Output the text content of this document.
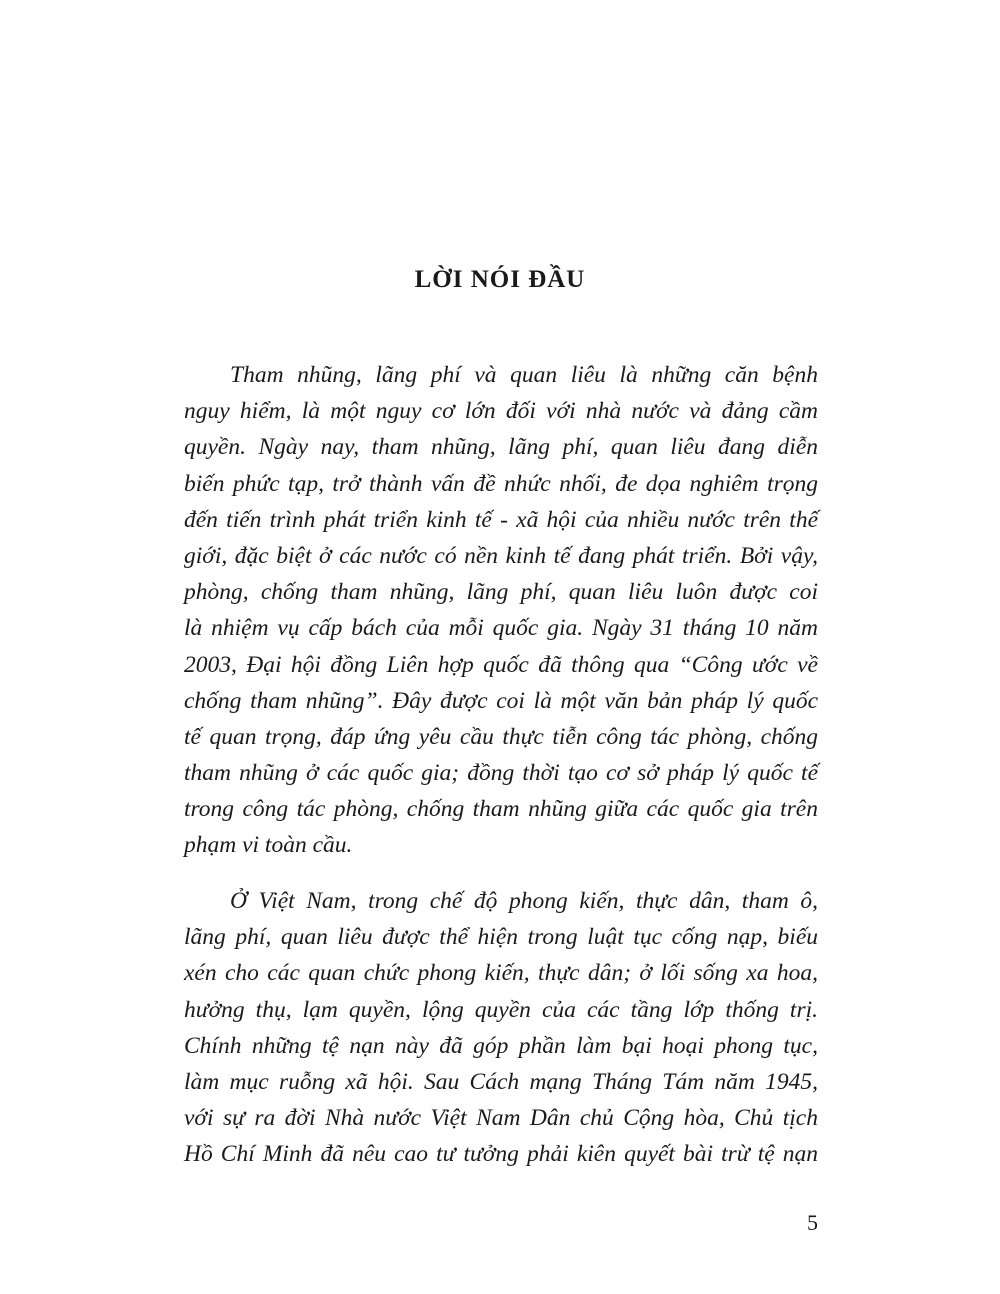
LỜI NÓI ĐẦU
Tham nhũng, lãng phí và quan liêu là những căn bệnh
nguy hiểm, là một nguy cơ lớn đối với nhà nước và đảng cầm
quyền. Ngày nay, tham nhũng, lãng phí, quan liêu đang diễn
biến phức tạp, trở thành vấn đề nhức nhối, đe dọa nghiêm trọng
đến tiến trình phát triển kinh tế - xã hội của nhiều nước trên thế
giới, đặc biệt ở các nước có nền kinh tế đang phát triển. Bởi vậy,
phòng, chống tham nhũng, lãng phí, quan liêu luôn được coi
là nhiệm vụ cấp bách của mỗi quốc gia. Ngày 31 tháng 10 năm
2003, Đại hội đồng Liên hợp quốc đã thông qua “Công ước về
chống tham nhũng”. Đây được coi là một văn bản pháp lý quốc
tế quan trọng, đáp ứng yêu cầu thực tiễn công tác phòng, chống
tham nhũng ở các quốc gia; đồng thời tạo cơ sở pháp lý quốc tế
trong công tác phòng, chống tham nhũng giữa các quốc gia trên
phạm vi toàn cầu.
Ở Việt Nam, trong chế độ phong kiến, thực dân, tham ô,
lãng phí, quan liêu được thể hiện trong luật tục cống nạp, biếu
xén cho các quan chức phong kiến, thực dân; ở lối sống xa hoa,
hưởng thụ, lạm quyền, lộng quyền của các tầng lớp thống trị.
Chính những tệ nạn này đã góp phần làm bại hoại phong tục,
làm mục ruỗng xã hội. Sau Cách mạng Tháng Tám năm 1945,
với sự ra đời Nhà nước Việt Nam Dân chủ Cộng hòa, Chủ tịch
Hồ Chí Minh đã nêu cao tư tưởng phải kiên quyết bài trừ tệ nạn
5
